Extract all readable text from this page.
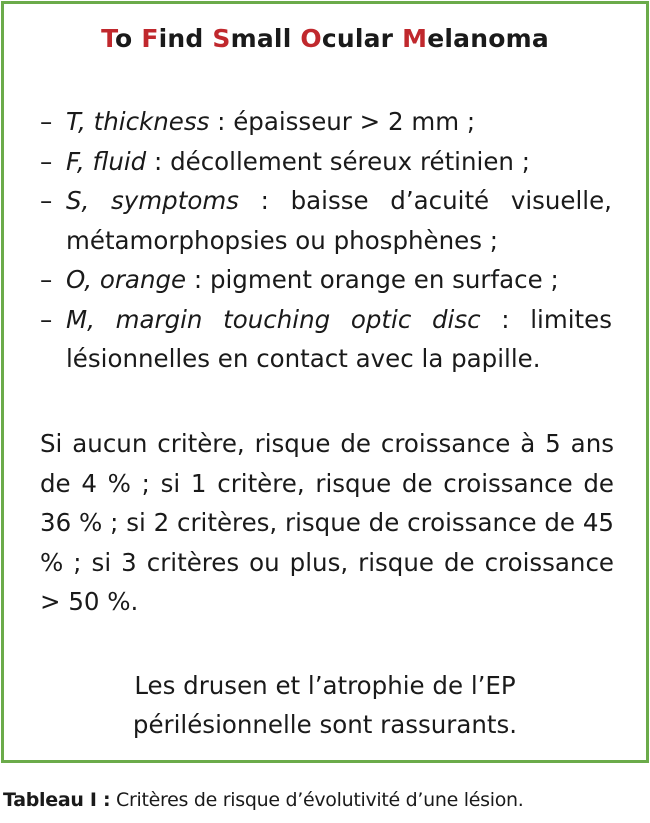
To Find Small Ocular Melanoma
– T, thickness : épaisseur > 2 mm ;
– F, fluid : décollement séreux rétinien ;
– S, symptoms : baisse d’acuité visuelle, métamorphopsies ou phosphènes ;
– O, orange : pigment orange en surface ;
– M, margin touching optic disc : limites lésionnelles en contact avec la papille.

Si aucun critère, risque de croissance à 5 ans de 4 % ; si 1 critère, risque de croissance de 36 % ; si 2 critères, risque de croissance de 45 % ; si 3 critères ou plus, risque de croissance > 50 %.

Les drusen et l’atrophie de l’EP
périlésionnelle sont rassurants.

Tableau I : Critères de risque d’évolutivité d’une lésion.
